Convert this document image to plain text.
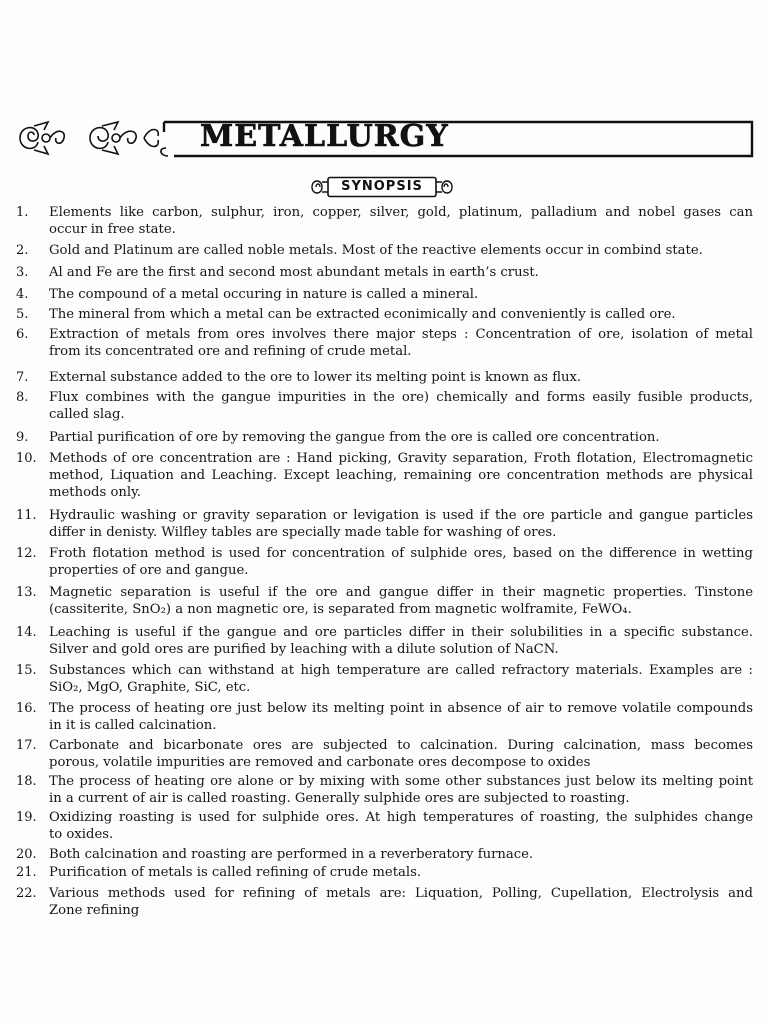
METALLURGY
SYNOPSIS
1.	Elements like carbon, sulphur, iron, copper, silver, gold, platinum, palladium and nobel gases can
occur in free state.
2.	Gold and Platinum are called noble metals. Most of the reactive elements occur in combind state.
3.	Al and Fe are the first and second most abundant metals in earth’s crust.
4.	The compound of a metal occuring in nature is called a mineral.
5.	The mineral from which a metal can be extracted econimically and conveniently is called ore.
6.	Extraction of metals from ores involves there major steps : Concentration of ore, isolation of metal
from its concentrated ore and refining of crude metal.
7.	External substance added to the ore to lower its melting point is known as flux.
8.	Flux combines with the gangue impurities in the ore) chemically and forms easily fusible products,
called slag.
9.	Partial purification of ore by removing the gangue from the ore is called ore concentration.
10. Methods of ore concentration are : Hand picking, Gravity separation, Froth flotation, Electromagnetic
method, Liquation and Leaching. Except leaching, remaining ore concentration methods are physical
methods only.
11. Hydraulic washing or gravity separation or levigation is used if the ore particle and gangue particles
differ in denisty. Wilfley tables are specially made table for washing of ores.
12. Froth flotation method is used for concentration of sulphide ores, based on the difference in wetting
properties of ore and gangue.
13. Magnetic separation is useful if the ore and gangue differ in their magnetic properties. Tinstone
(cassiterite, SnO₂) a non magnetic ore, is separated from magnetic wolframite, FeWO₄.
14. Leaching is useful if the gangue and ore particles differ in their solubilities in a specific substance.
Silver and gold ores are purified by leaching with a dilute solution of NaCN.
15. Substances which can withstand at high temperature are called refractory materials. Examples are :
SiO₂, MgO, Graphite, SiC, etc.
16. The process of heating ore just below its melting point in absence of air to remove volatile compounds
in it is called calcination.
17. Carbonate and bicarbonate ores are subjected to calcination. During calcination, mass becomes
porous, volatile impurities are removed and carbonate ores decompose to oxides
18. The process of heating ore alone or by mixing with some other substances just below its melting point
in a current of air is called roasting. Generally sulphide ores are subjected to roasting.
19. Oxidizing roasting is used for sulphide ores. At high temperatures of roasting, the sulphides change
to oxides.
20. Both calcination and roasting are performed in a reverberatory furnace.
21. Purification of metals is called refining of crude metals.
22. Various methods used for refining of metals are: Liquation, Polling, Cupellation, Electrolysis and
Zone refining
